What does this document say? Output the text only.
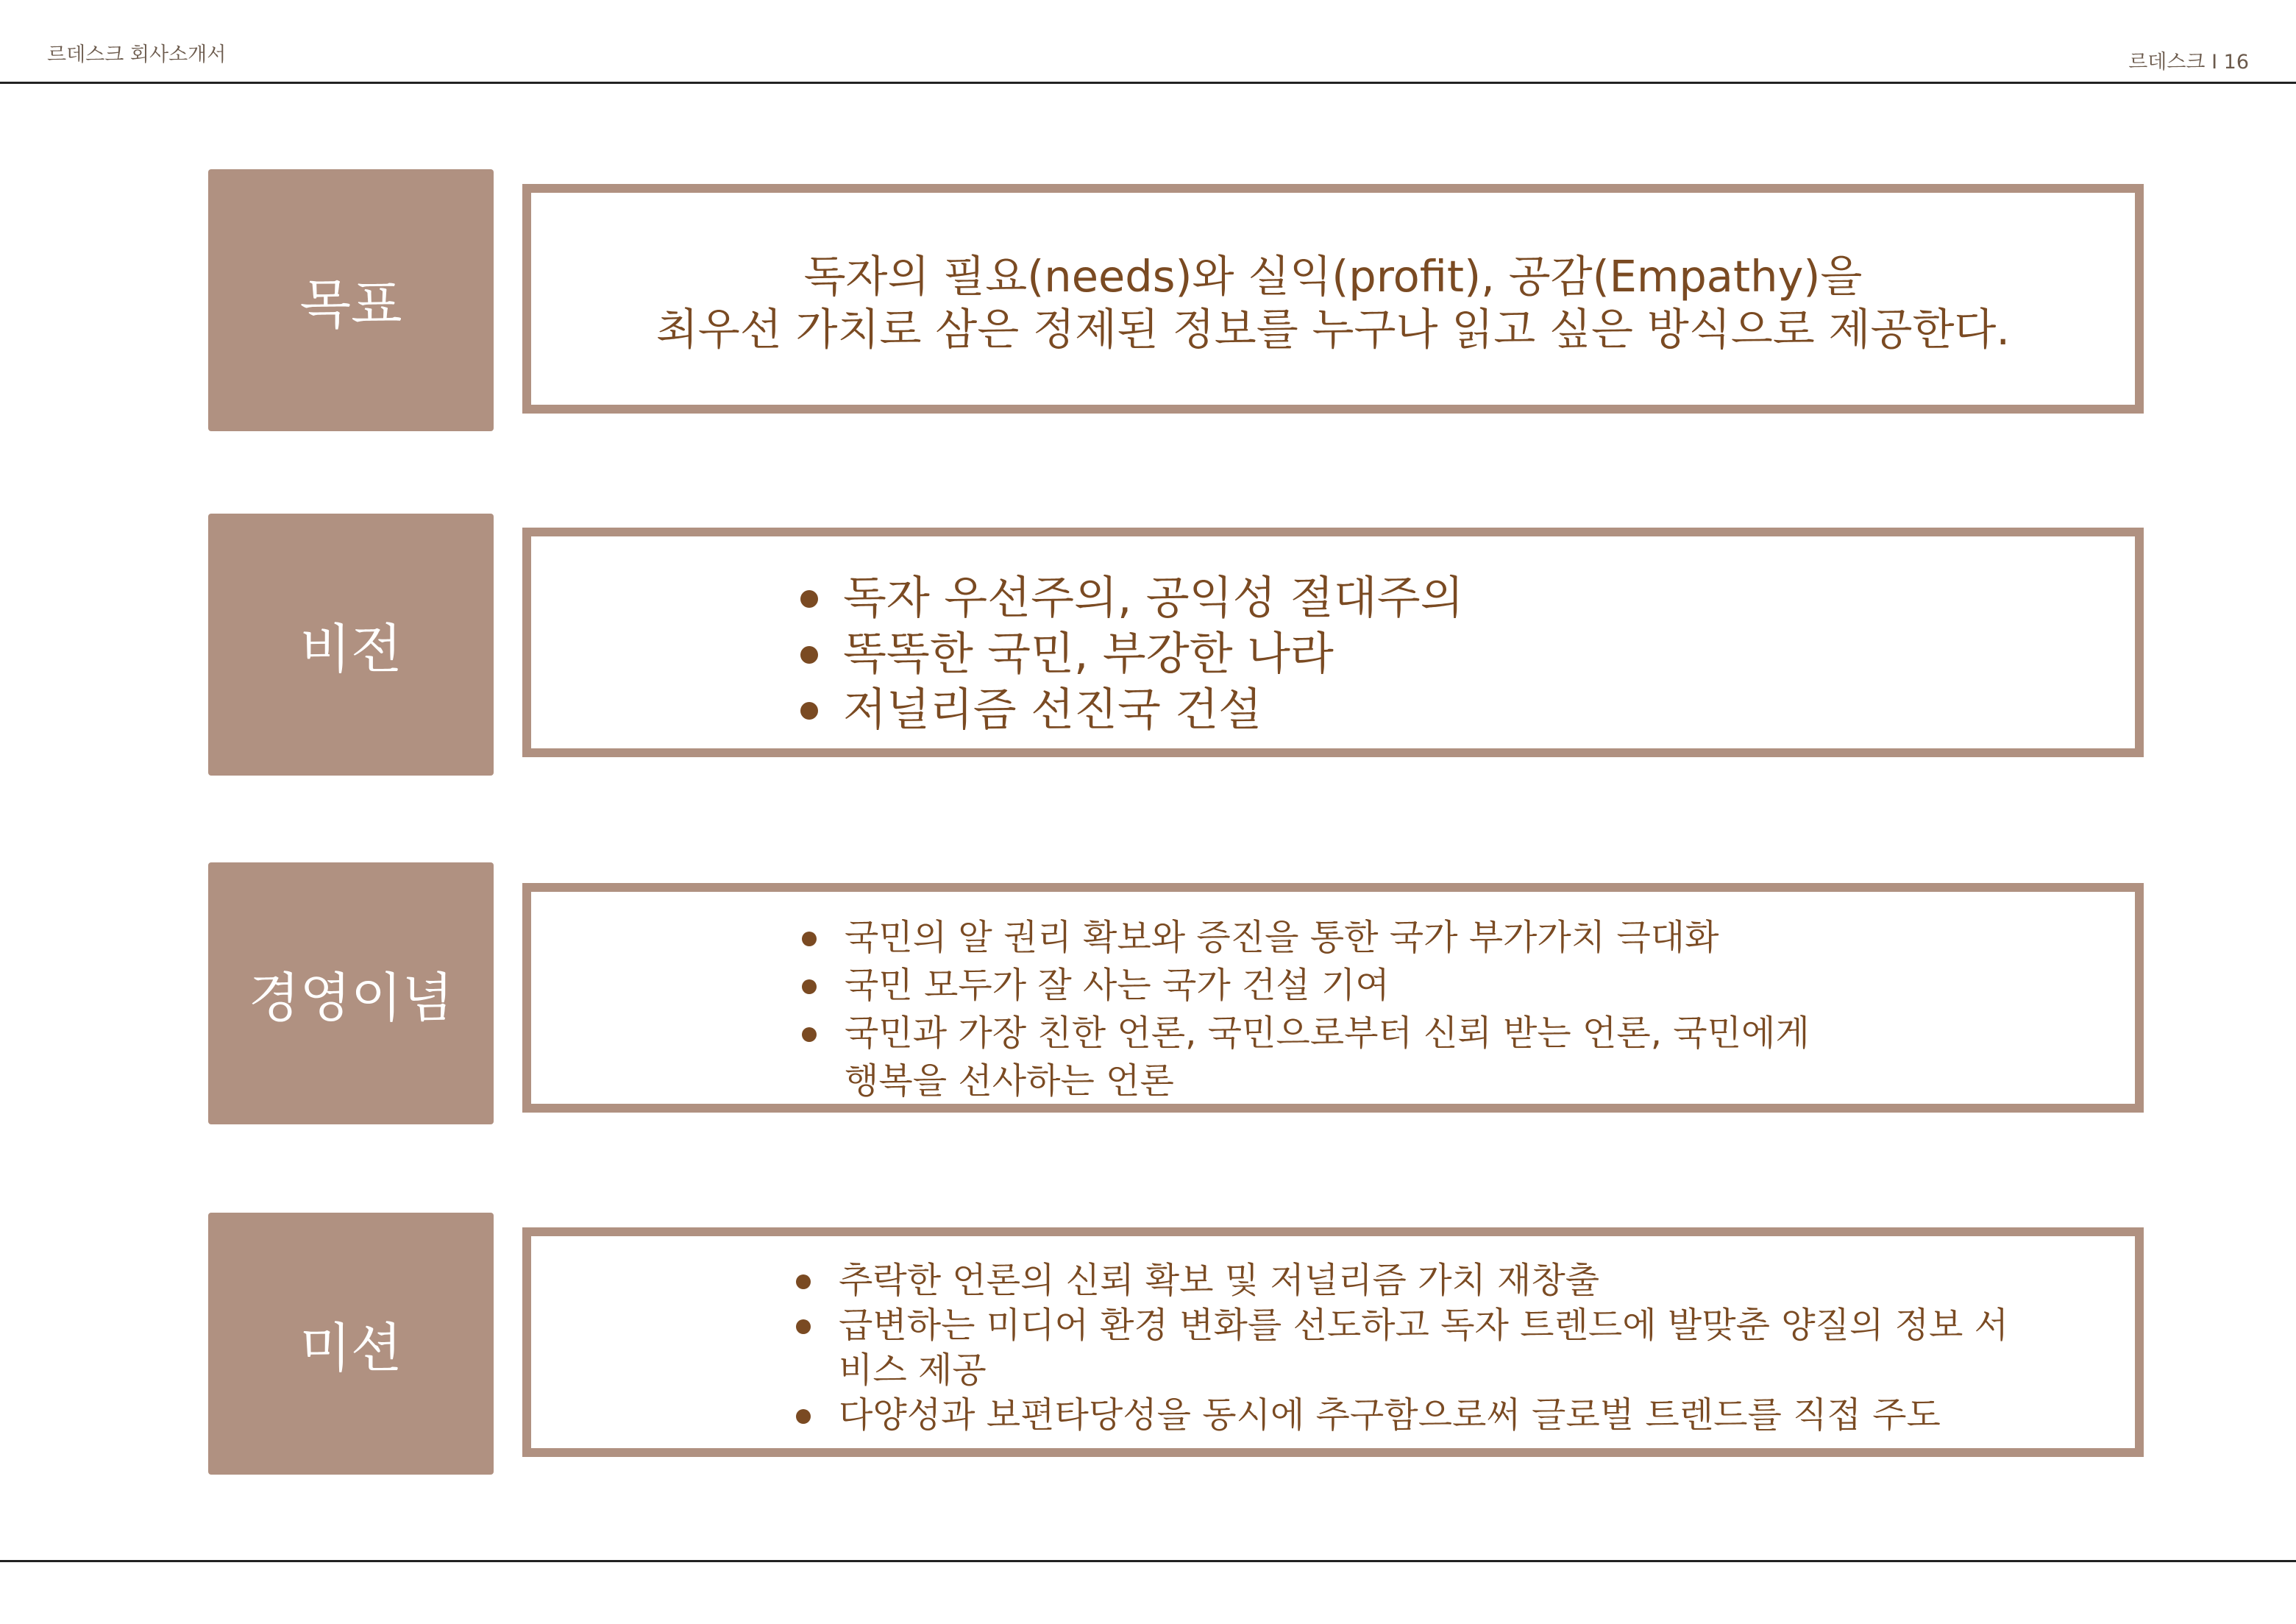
르데스크 회사소개서	르데스크 I 16
목표	독자의 필요(needs)와 실익(profit), 공감(Empathy)을
최우선 가치로 삼은 정제된 정보를 누구나 읽고 싶은 방식으로 제공한다.
비전
독자 우선주의, 공익성 절대주의
똑똑한 국민, 부강한 나라
저널리즘 선진국 건설
경영이념
국민의 알 권리 확보와 증진을 통한 국가 부가가치 극대화
국민 모두가 잘 사는 국가 건설 기여
국민과 가장 친한 언론, 국민으로부터 신뢰 받는 언론, 국민에게
행복을 선사하는 언론
미션
추락한 언론의 신뢰 확보 및 저널리즘 가치 재창출
급변하는 미디어 환경 변화를 선도하고 독자 트렌드에 발맞춘 양질의 정보 서
비스 제공
다양성과 보편타당성을 동시에 추구함으로써 글로벌 트렌드를 직접 주도
